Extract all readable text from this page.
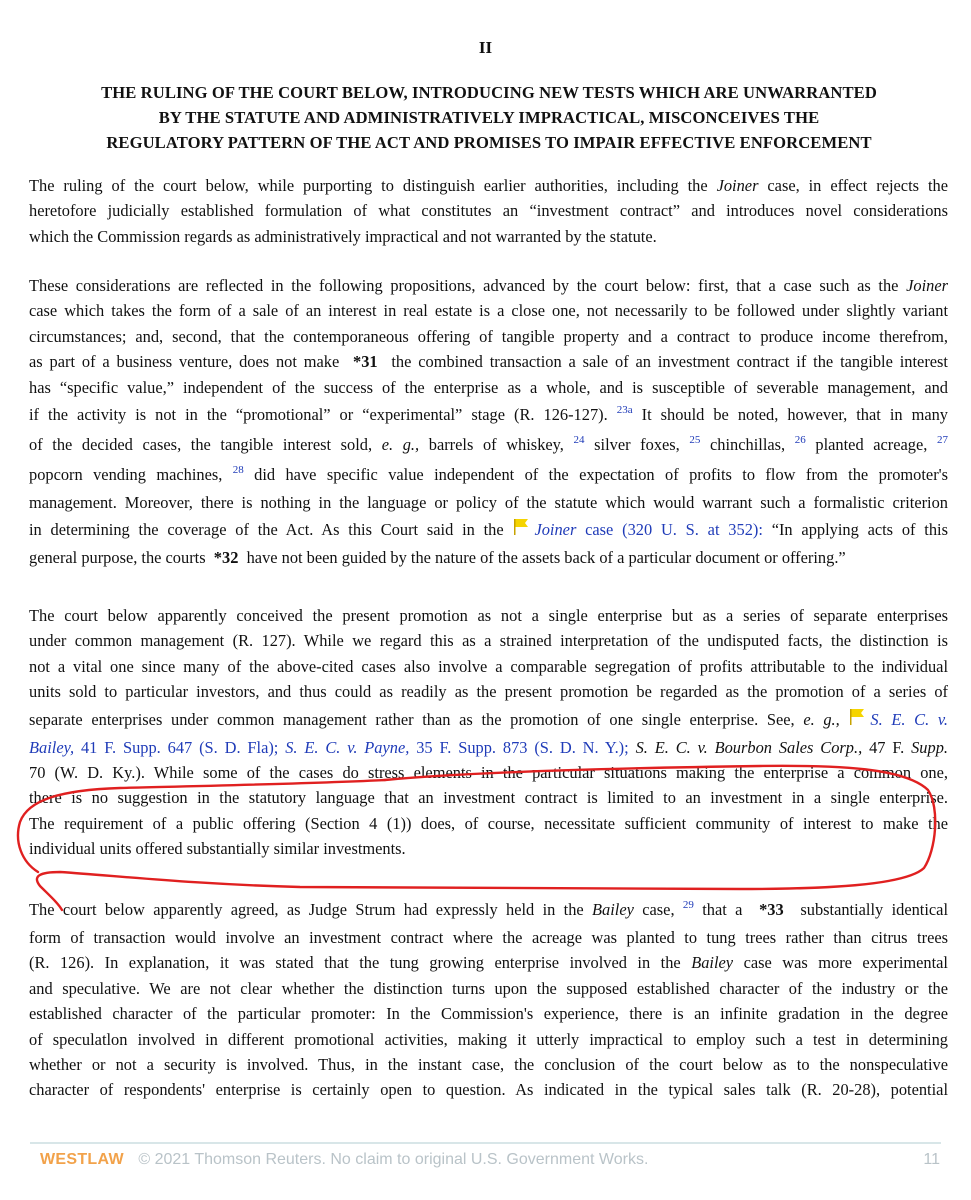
II
THE RULING OF THE COURT BELOW, INTRODUCING NEW TESTS WHICH ARE UNWARRANTED
BY THE STATUTE AND ADMINISTRATIVELY IMPRACTICAL, MISCONCEIVES THE
REGULATORY PATTERN OF THE ACT AND PROMISES TO IMPAIR EFFECTIVE ENFORCEMENT
The ruling of the court below, while purporting to distinguish earlier authorities, including the Joiner case, in effect rejects the
heretofore judicially established formulation of what constitutes an “investment contract” and introduces novel considerations
which the Commission regards as administratively impractical and not warranted by the statute.
These considerations are reflected in the following propositions, advanced by the court below: first, that a case such as the Joiner
case which takes the form of a sale of an interest in real estate is a close one, not necessarily to be followed under slightly variant
circumstances; and, second, that the contemporaneous offering of tangible property and a contract to produce income therefrom,
as part of a business venture, does not make *31 the combined transaction a sale of an investment contract if the tangible interest
has “specific value,” independent of the success of the enterprise as a whole, and is susceptible of severable management, and
if the activity is not in the “promotional” or “experimental” stage (R. 126-127). $^{23a}$ It should be noted, however, that in many
of the decided cases, the tangible interest sold, e. g., barrels of whiskey, $^{24}$ silver foxes, $^{25}$ chinchillas, $^{26}$ planted acreage, $^{27}$
popcorn vending machines, $^{28}$ did have specific value independent of the expectation of profits to flow from the promoter's
management. Moreover, there is nothing in the language or policy of the statute which would warrant such a formalistic criterion
in determining the coverage of the Act. As this Court said in the Joiner case (320 U. S. at 352): “In applying acts of this
general purpose, the courts *32 have not been guided by the nature of the assets back of a particular document or offering.”
The court below apparently conceived the present promotion as not a single enterprise but as a series of separate enterprises
under common management (R. 127). While we regard this as a strained interpretation of the undisputed facts, the distinction is
not a vital one since many of the above-cited cases also involve a comparable segregation of profits attributable to the individual
units sold to particular investors, and thus could as readily as the present promotion be regarded as the promotion of a series of
separate enterprises under common management rather than as the promotion of one single enterprise. See, e. g., S. E. C. v.
Bailey, 41 F. Supp. 647 (S. D. Fla); S. E. C. v. Payne, 35 F. Supp. 873 (S. D. N. Y.); S. E. C. v. Bourbon Sales Corp., 47 F. Supp.
70 (W. D. Ky.). While some of the cases do stress elements in the particular situations making the enterprise a common one,
there is no suggestion in the statutory language that an investment contract is limited to an investment in a single enterprise.
The requirement of a public offering (Section 4 (1)) does, of course, necessitate sufficient community of interest to make the
individual units offered substantially similar investments.
The court below apparently agreed, as Judge Strum had expressly held in the Bailey case, $^{29}$ that a *33 substantially identical
form of transaction would involve an investment contract where the acreage was planted to tung trees rather than citrus trees
(R. 126). In explanation, it was stated that the tung growing enterprise involved in the Bailey case was more experimental
and speculative. We are not clear whether the distinction turns upon the supposed established character of the industry or the
established character of the particular promoter: In the Commission's experience, there is an infinite gradation in the degree
of speculatlon involved in different promotional activities, making it utterly impractical to employ such a test in determining
whether or not a security is involved. Thus, in the instant case, the conclusion of the court below as to the nonspeculative
character of respondents' enterprise is certainly open to question. As indicated in the typical sales talk (R. 20-28), potential
WESTLAW © 2021 Thomson Reuters. No claim to original U.S. Government Works.	11
